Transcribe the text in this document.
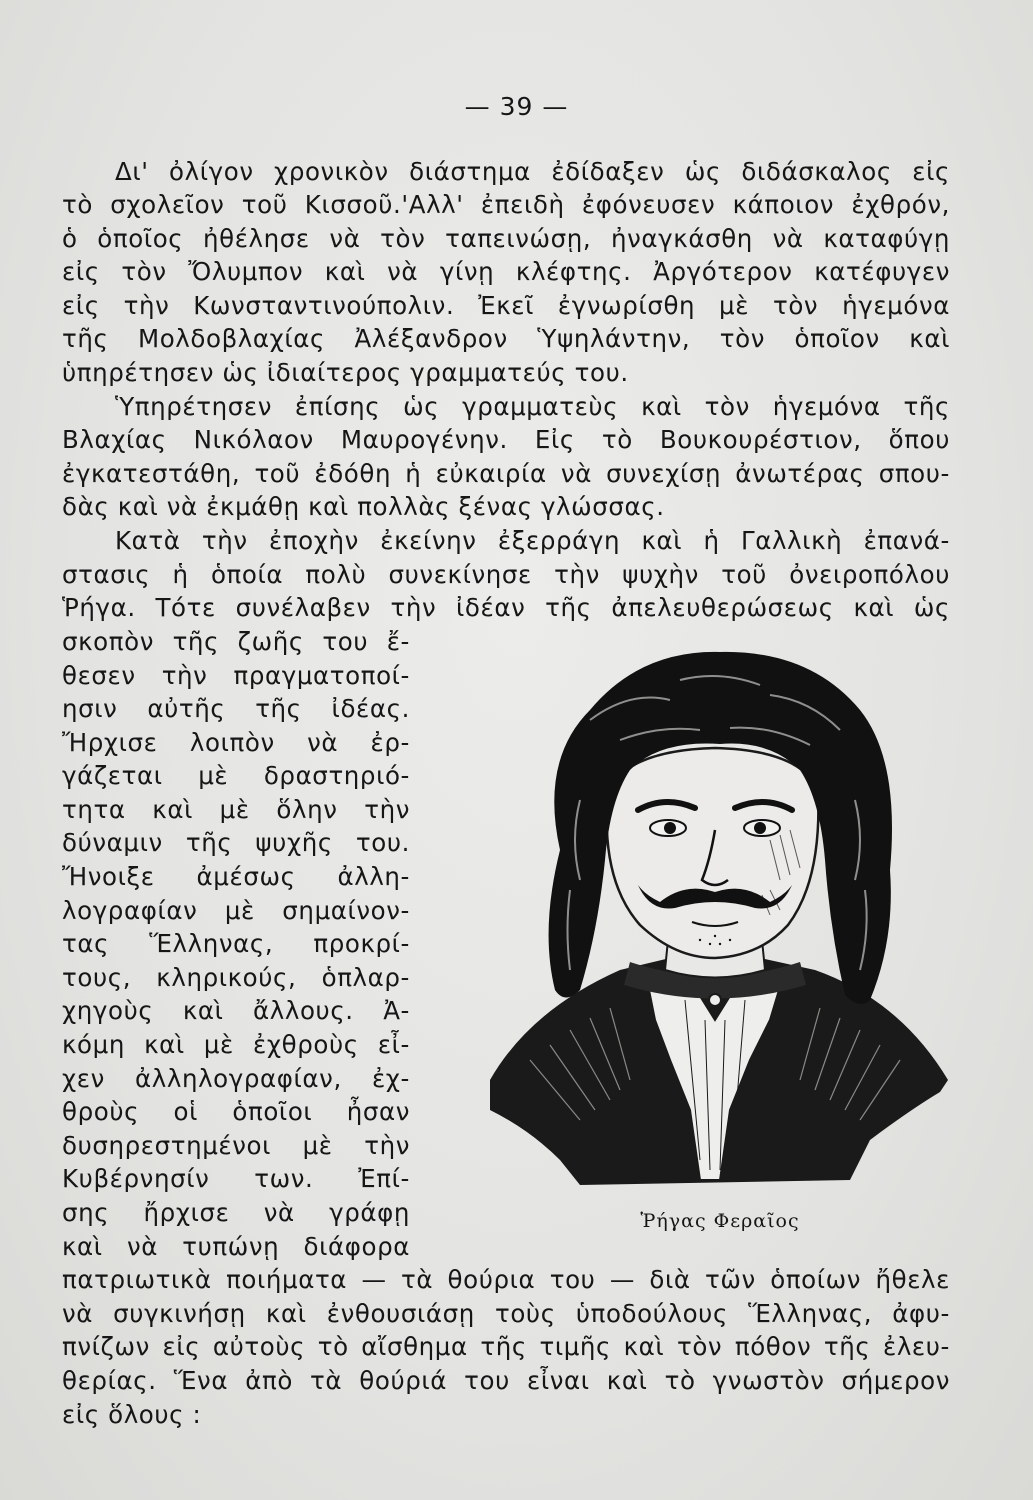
— 39 —
Δι' ὀλίγον χρονικὸν διάστημα ἐδίδαξεν ὡς διδάσκαλος εἰς
τὸ σχολεῖον τοῦ Κισσοῦ.'Αλλ' ἐπειδὴ ἐφόνευσεν κάποιον ἐχθρόν,
ὁ ὁποῖος ἠθέλησε νὰ τὸν ταπεινώσῃ, ἠναγκάσθη νὰ καταφύγῃ
εἰς τὸν Ὄλυμπον καὶ νὰ γίνῃ κλέφτης. Ἀργότερον κατέφυγεν
εἰς τὴν Κωνσταντινούπολιν. Ἐκεῖ ἐγνωρίσθη μὲ τὸν ἡγεμόνα
τῆς Μολδοβλαχίας Ἀλέξανδρον Ὑψηλάντην, τὸν ὁποῖον καὶ
ὑπηρέτησεν ὡς ἰδιαίτερος γραμματεύς του.
Ὑπηρέτησεν ἐπίσης ὡς γραμματεὺς καὶ τὸν ἡγεμόνα τῆς
Βλαχίας Νικόλαον Μαυρογένην. Εἰς τὸ Βουκουρέστιον, ὅπου
ἐγκατεστάθη, τοῦ ἐδόθη ἡ εὐκαιρία νὰ συνεχίσῃ ἀνωτέρας σπου-
δὰς καὶ νὰ ἐκμάθῃ καὶ πολλὰς ξένας γλώσσας.
Κατὰ τὴν ἐποχὴν ἐκείνην ἐξερράγη καὶ ἡ Γαλλικὴ ἐπανά-
στασις ἡ ὁποία πολὺ συνεκίνησε τὴν ψυχὴν τοῦ ὀνειροπόλου
Ῥήγα. Τότε συνέλαβεν τὴν ἰδέαν τῆς ἀπελευθερώσεως καὶ ὡς
σκοπὸν τῆς ζωῆς του ἔ-
θεσεν τὴν πραγματοποί-
ησιν αὐτῆς τῆς ἰδέας.
Ἤρχισε λοιπὸν νὰ ἐρ-
γάζεται μὲ δραστηριό-
τητα καὶ μὲ ὅλην τὴν
δύναμιν τῆς ψυχῆς του.
Ἤνοιξε ἀμέσως ἀλλη-
λογραφίαν μὲ σημαίνον-
τας Ἕλληνας, προκρί-
τους, κληρικούς, ὁπλαρ-
χηγοὺς καὶ ἄλλους. Ἀ-
κόμη καὶ μὲ ἐχθροὺς εἶ-
χεν ἀλληλογραφίαν, ἐχ-
θροὺς οἱ ὁποῖοι ἦσαν
δυσηρεστημένοι μὲ τὴν
Κυβέρνησίν των. Ἐπί-
σης ἤρχισε νὰ γράφῃ
καὶ νὰ τυπώνῃ διάφορα
Ῥήγας Φεραῖος
πατριωτικὰ ποιήματα — τὰ θούρια του — διὰ τῶν ὁποίων ἤθελε
νὰ συγκινήσῃ καὶ ἐνθουσιάσῃ τοὺς ὑποδούλους Ἕλληνας, ἀφυ-
πνίζων εἰς αὐτοὺς τὸ αἴσθημα τῆς τιμῆς καὶ τὸν πόθον τῆς ἐλευ-
θερίας. Ἕνα ἀπὸ τὰ θούριά του εἶναι καὶ τὸ γνωστὸν σήμερον
εἰς ὅλους :
